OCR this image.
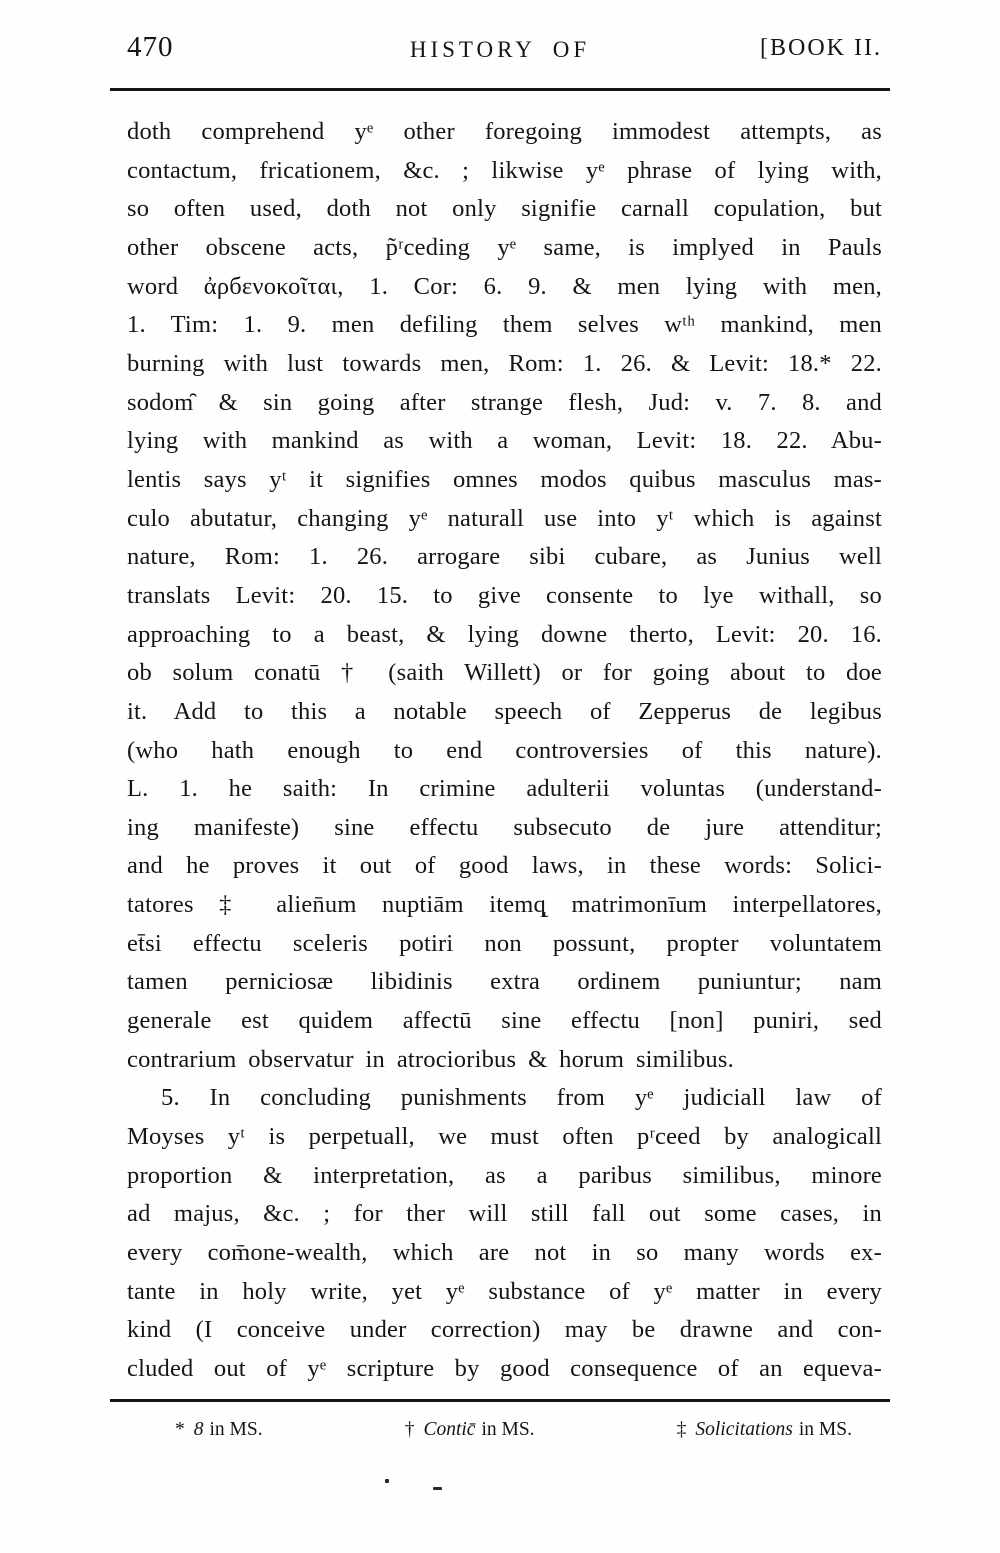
470	HISTORY OF	[BOOK II.
doth comprehend yᵉ other foregoing immodest attempts, as
contactum, fricationem, &c. ; likwise yᵉ phrase of lying with,
so often used, doth not only signifie carnall copulation, but
other obscene acts, p̃ʳceding yᵉ same, is implyed in Pauls
word ἀρбενοκοῖται, 1. Cor: 6. 9. & men lying with men,
1. Tim: 1. 9. men defiling them selves wᵗʰ mankind, men
burning with lust towards men, Rom: 1. 26. & Levit: 18.* 22.
sodom̑ & sin going after strange flesh, Jud: v. 7. 8. and
lying with mankind as with a woman, Levit: 18. 22. Abu-
lentis says yᵗ it signifies omnes modos quibus masculus mas-
culo abutatur, changing yᵉ naturall use into yᵗ which is against
nature, Rom: 1. 26. arrogare sibi cubare, as Junius well
translats Levit: 20. 15. to give consente to lye withall, so
approaching to a beast, & lying downe therto, Levit: 20. 16.
ob solum conatū † (saith Willett) or for going about to doe
it. Add to this a notable speech of Zepperus de legibus
(who hath enough to end controversies of this nature).
L. 1. he saith: In crimine adulterii voluntas (understand-
ing manifeste) sine effectu subsecuto de jure attenditur;
and he proves it out of good laws, in these words: Solici-
tatores ‡ alien̄um nuptiām itemq̨ matrimonīum interpellatores,
et̄si effectu sceleris potiri non possunt, propter voluntatem
tamen perniciosæ libidinis extra ordinem puniuntur; nam
generale est quidem affectū sine effectu [non] puniri, sed
contrarium observatur in atrocioribus & horum similibus.
5. In concluding punishments from yᵉ judiciall law of
Moyses yᵗ is perpetuall, we must often pʳceed by analogicall
proportion & interpretation, as a paribus similibus, minore
ad majus, &c. ; for ther will still fall out some cases, in
every com̄one-wealth, which are not in so many words ex-
tante in holy write, yet yᵉ substance of yᵉ matter in every
kind (I conceive under correction) may be drawne and con-
cluded out of yᵉ scripture by good consequence of an equeva-
* 8 in MS.	† Contic̄ in MS.	‡ Solicitations in MS.
